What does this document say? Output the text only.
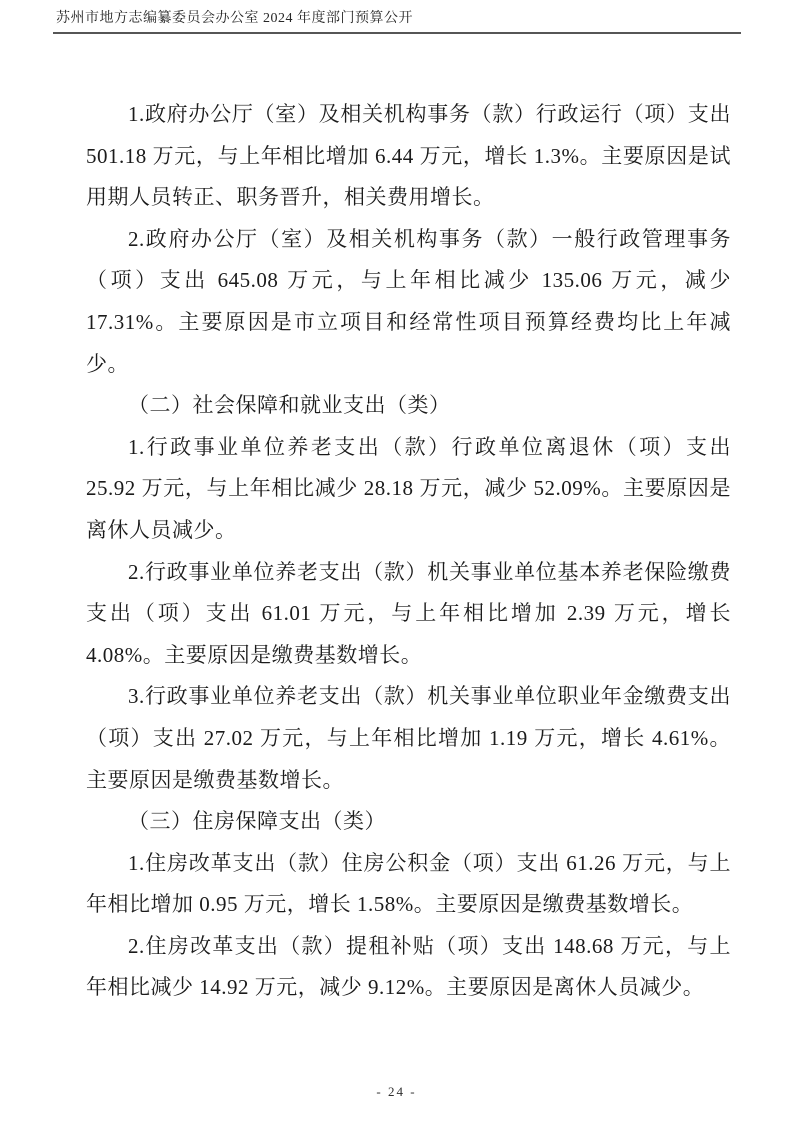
苏州市地方志编纂委员会办公室 2024 年度部门预算公开

1.政府办公厅（室）及相关机构事务（款）行政运行（项）支出 501.18 万元，与上年相比增加 6.44 万元，增长 1.3%。主要原因是试用期人员转正、职务晋升，相关费用增长。

2.政府办公厅（室）及相关机构事务（款）一般行政管理事务（项）支出 645.08 万元，与上年相比减少 135.06 万元，减少 17.31%。主要原因是市立项目和经常性项目预算经费均比上年减少。

（二）社会保障和就业支出（类）

1.行政事业单位养老支出（款）行政单位离退休（项）支出 25.92 万元，与上年相比减少 28.18 万元，减少 52.09%。主要原因是离休人员减少。

2.行政事业单位养老支出（款）机关事业单位基本养老保险缴费支出（项）支出 61.01 万元，与上年相比增加 2.39 万元，增长 4.08%。主要原因是缴费基数增长。

3.行政事业单位养老支出（款）机关事业单位职业年金缴费支出（项）支出 27.02 万元，与上年相比增加 1.19 万元，增长 4.61%。主要原因是缴费基数增长。

（三）住房保障支出（类）

1.住房改革支出（款）住房公积金（项）支出 61.26 万元，与上年相比增加 0.95 万元，增长 1.58%。主要原因是缴费基数增长。

2.住房改革支出（款）提租补贴（项）支出 148.68 万元，与上年相比减少 14.92 万元，减少 9.12%。主要原因是离休人员减少。

- 24 -
